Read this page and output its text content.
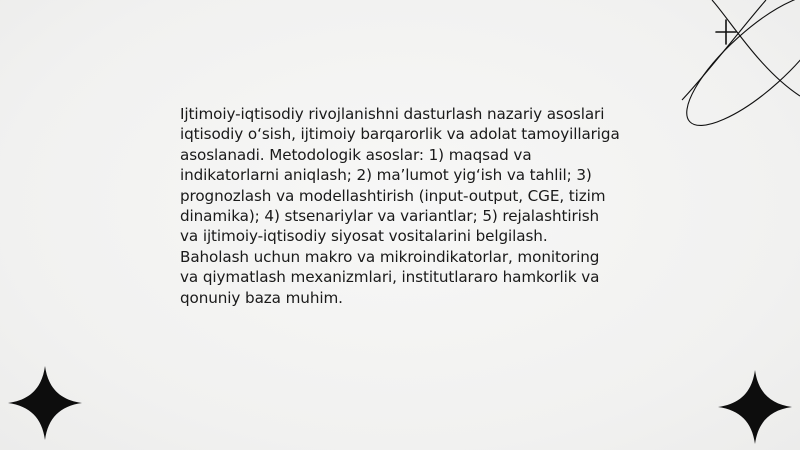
Ijtimoiy-iqtisodiy rivojlanishni dasturlash nazariy asoslari iqtisodiy o‘sish, ijtimoiy barqarorlik va adolat tamoyillariga asoslanadi. Metodologik asoslar: 1) maqsad va indikatorlarni aniqlash; 2) ma’lumot yig‘ish va tahlil; 3) prognozlash va modellashtirish (input-output, CGE, tizim dinamika); 4) stsenariylar va variantlar; 5) rejalashtirish va ijtimoiy-iqtisodiy siyosat vositalarini belgilash. Baholash uchun makro va mikroindikatorlar, monitoring va qiymatlash mexanizmlari, institutlararo hamkorlik va qonuniy baza muhim.
